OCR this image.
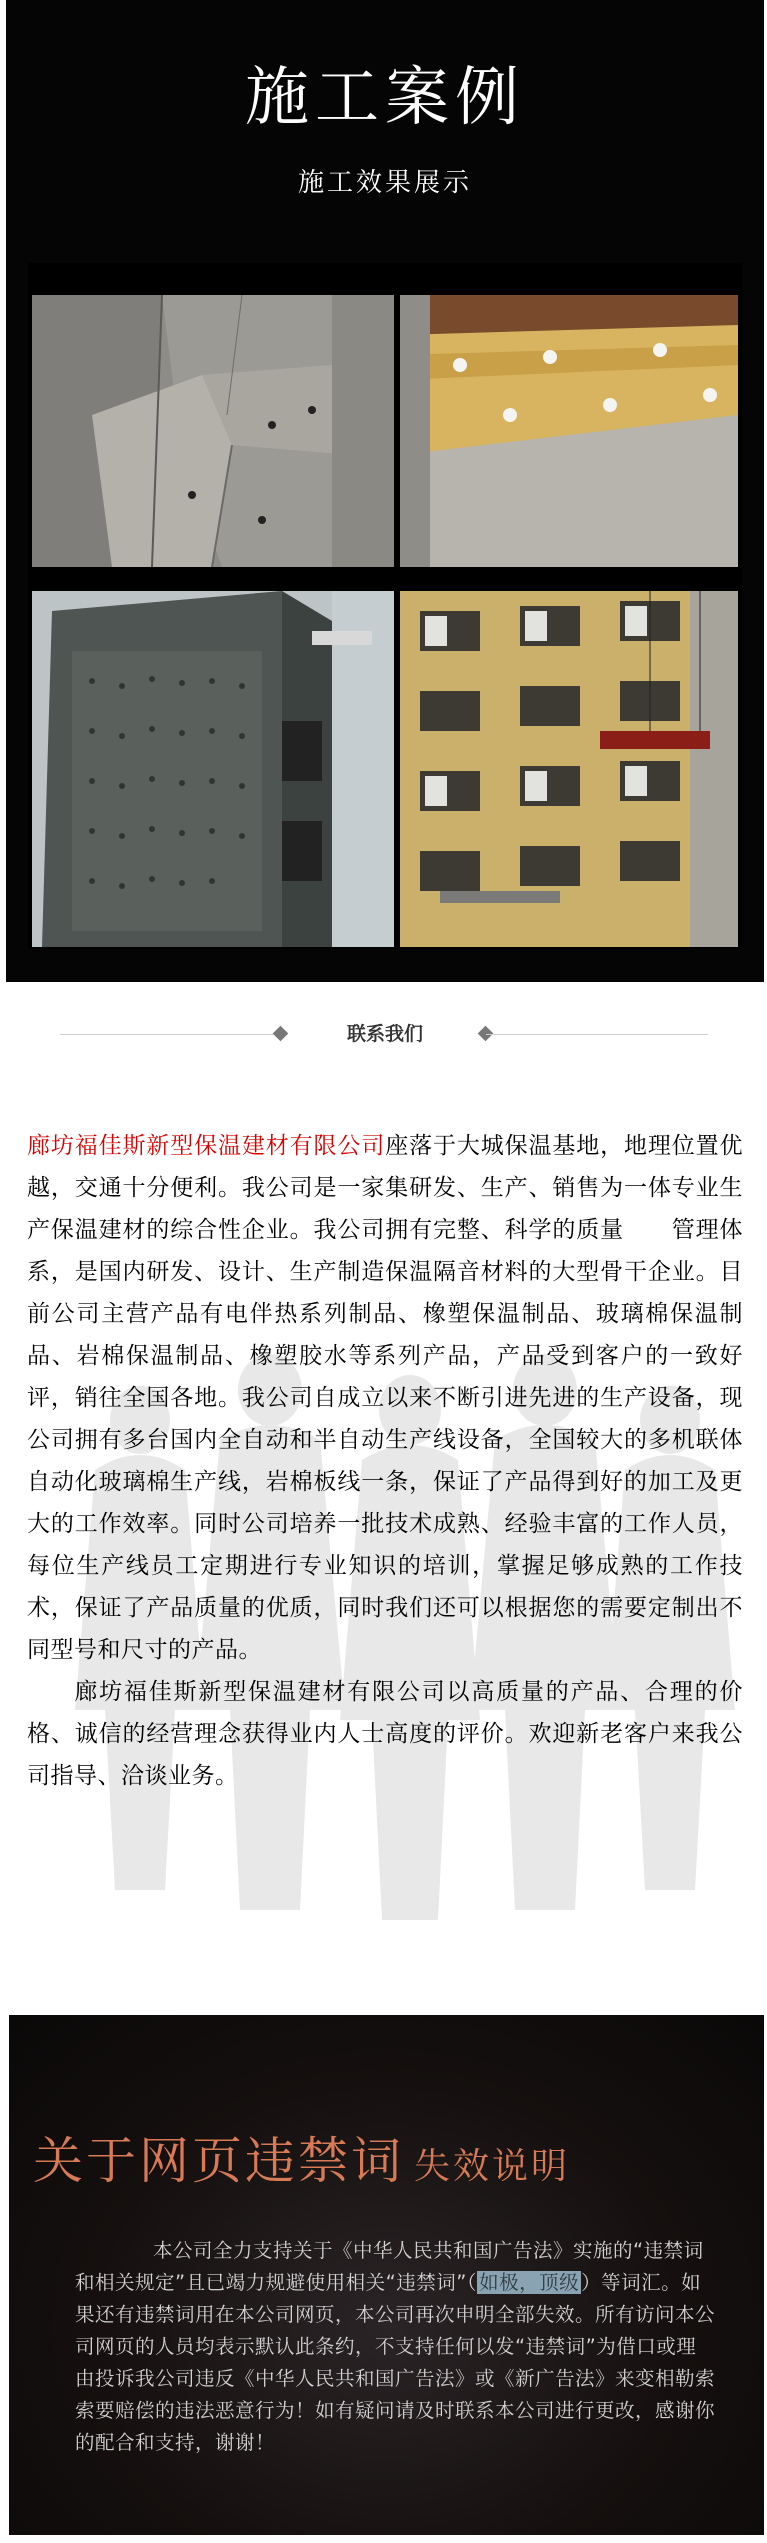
施工案例
施工效果展示
联系我们

廊坊福佳斯新型保温建材有限公司座落于大城保温基地，地理位置优越，交通十分便利。我公司是一家集研发、生产、销售为一体专业生产保温建材的综合性企业。我公司拥有完整、科学的质量　　管理体系，是国内研发、设计、生产制造保温隔音材料的大型骨干企业。目前公司主营产品有电伴热系列制品、橡塑保温制品、玻璃棉保温制品、岩棉保温制品、橡塑胶水等系列产品，产品受到客户的一致好评，销往全国各地。我公司自成立以来不断引进先进的生产设备，现公司拥有多台国内全自动和半自动生产线设备，全国较大的多机联体自动化玻璃棉生产线，岩棉板线一条，保证了产品得到好的加工及更大的工作效率。同时公司培养一批技术成熟、经验丰富的工作人员，每位生产线员工定期进行专业知识的培训，掌握足够成熟的工作技术，保证了产品质量的优质，同时我们还可以根据您的需要定制出不同型号和尺寸的产品。

廊坊福佳斯新型保温建材有限公司以高质量的产品、合理的价格、诚信的经营理念获得业内人士高度的评价。欢迎新老客户来我公司指导、洽谈业务。

关于网页违禁词 失效说明

本公司全力支持关于《中华人民共和国广告法》实施的“违禁词和相关规定”且已竭力规避使用相关“违禁词”（ 如极，顶级 ）等词汇。如果还有违禁词用在本公司网页，本公司再次申明全部失效。所有访问本公司网页的人员均表示默认此条约，不支持任何以发“违禁词”为借口或理由投诉我公司违反《中华人民共和国广告法》或《新广告法》来变相勒索索要赔偿的违法恶意行为！如有疑问请及时联系本公司进行更改，感谢你的配合和支持，谢谢！
